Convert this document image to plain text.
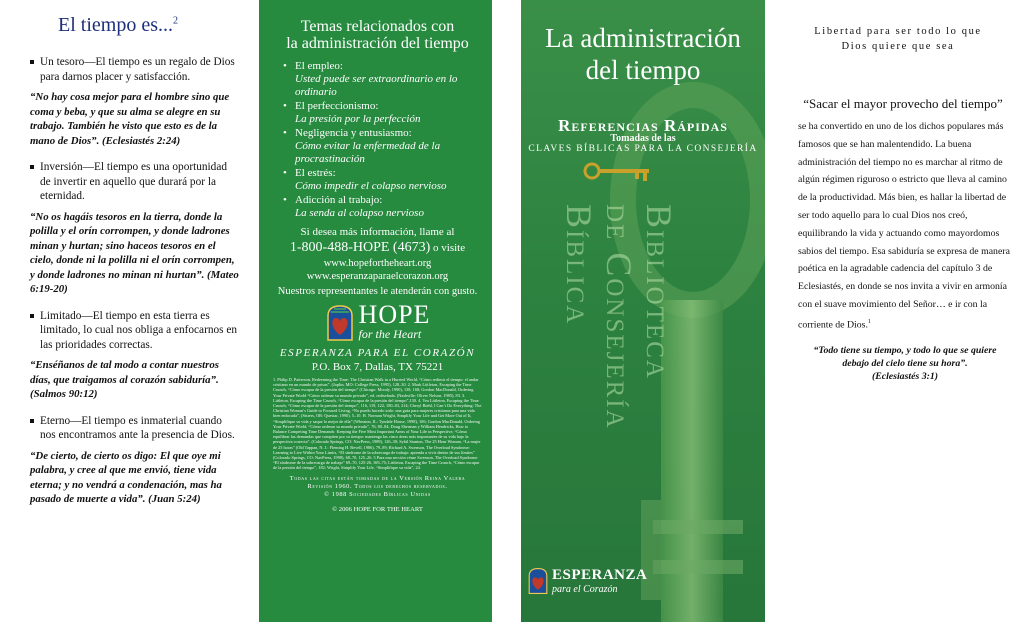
El tiempo es...$^2$
Un tesoro—El tiempo es un regalo de Dios para darnos placer y satisfacción.
“No hay cosa mejor para el hombre sino que coma y beba, y que su alma se alegre en su trabajo. También he visto que esto es de la mano de Dios”. (Eclesiastés 2:24)
Inversión—El tiempo es una oportunidad de invertir en aquello que durará por la eternidad.
“No os hagáis tesoros en la tierra, donde la polilla y el orín corrompen, y donde ladrones minan y hurtan; sino haceos tesoros en el cielo, donde ni la polilla ni el orín corrompen, y donde ladrones no minan ni hurtan”. (Mateo 6:19-20)
Limitado—El tiempo en esta tierra es limitado, lo cual nos obliga a enfocarnos en las prioridades correctas.
“Enséñanos de tal modo a contar nuestros días, que traigamos al corazón sabiduría”. (Salmos 90:12)
Eterno—El tiempo es inmaterial cuando nos encontramos ante la presencia de Dios.
“De cierto, de cierto os digo: El que oye mi palabra, y cree al que me envió, tiene vida eterna; y no vendrá a condenación, mas ha pasado de muerte a vida”. (Juan 5:24)
Temas relacionados con
la administración del tiempo
• El empleo:
Usted puede ser extraordinario en lo ordinario
• El perfeccionismo:
La presión por la perfección
• Negligencia y entusiasmo:
Cómo evitar la enfermedad de la procrastinación
• El estrés:
Cómo impedir el colapso nervioso
• Adicción al trabajo:
La senda al colapso nervioso
Si desea más información, llame al
1-800-488-HOPE (4673) o visite
www.hopefortheheart.org
www.esperanzaparaelcorazon.org
Nuestros representantes le atenderán con gusto.
HOPE
for the Heart
ESPERANZA PARA EL CORAZÓN
P.O. Box 7, Dallas, TX 75221
1. Philip D. Patterson, Redeeming the Time: The Christian Walk in a Hurried World, “Cómo redimir el tiempo: el andar cristiano en un mundo de prisas”. (Joplin, MO: College Press, 1995), 128–30. 2. Mark Littleton, Escaping the Time Crunch, “Cómo escapar de la presión del tiempo” (Chicago: Moody, 1990), 138, 168; Gordon MacDonald, Ordering Your Private World “Cómo ordenar su mundo privado”, ed. rediseñada. (Nashville: Oliver Nelson, 1985), 83. 3. Littleton, Escaping the Time Crunch, “Cómo escapar de la presión del tiempo”,130. 4. Vea Littleton, Escaping the Time Crunch, “Cómo escapar de la presión del tiempo”, 116, 119, 122, 180–83, 214; Cheryl Biehl, I Can’t Do Everything: The Christian Woman’s Guide to Focused Living, “No puedo hacerlo todo: una guía para mujeres cristianas para una vida bien enfocada”, (Sisters, OR: Questar, 1990). 5–10. H. Norman Wright, Simplify Your Life and Get More Out of It, “Simplifique su vida y saque lo mejor de ella” (Wheaton, IL: Tyndale House, 1998), 106; Gordon MacDonald, Ordering Your Private World, “Cómo ordenar su mundo privado”, 76, 80–84; Doug Sherman y William Hendricks, How to Balance Competing Time Demands: Keeping the Five Most Important Areas of Your Life in Perspective, “Cómo equilibrar las demandas que compiten por su tiempo: mantenga las cinco áreas más importantes de su vida bajo la perspectiva correcta”. (Colorado Springs, CO: NavPress, 1989), 126–30; Sybil Stanton, The 25 Hour Woman, “La mujer de 25 horas” (Old Tappan, N. J.: Fleming H. Revell, 1986), 79–89; Richard A. Swenson, The Overload Syndrome: Learning to Live Within Your Limits, “El síndrome de la sobrecarga de trabajo: aprenda a vivir dentro de sus límites” (Colorado Springs, CO: NavPress, 1998), 68–70, 125–26. 5 Para una sección véase Swenson, The Overload Syndrome “El síndrome de la sobrecarga de trabajo” 69–70, 125-26, 169–75; Littleton, Escaping the Time Crunch, “Cómo escapar de la presión del tiempo”, 182; Wright, Simplify Your Life, “Simplifique su vida”, 24.
Todas las citas están tomadas de la Versión Reina Valera
Revisión 1960. Todos los derechos reservados.
© 1988 Sociedades Bíblicas Unidas
© 2006 HOPE FOR THE HEART
La administración
del tiempo
Referencias Rápidas
Tomadas de las
CLAVES BÍBLICAS PARA LA CONSEJERÍA
Biblioteca
de Consejería
Bíblica
ESPERANZA
para el Corazón
Libertad para ser todo lo que
Dios quiere que sea
“Sacar el mayor provecho del tiempo”
se ha convertido en uno de los dichos populares más famosos que se han malentendido. La buena administración del tiempo no es marchar al ritmo de algún régimen riguroso o estricto que lleva al camino de la productividad. Más bien, es hallar la libertad de ser todo aquello para lo cual Dios nos creó, equilibrando la vida y actuando como mayordomos sabios del tiempo. Esa sabiduría se expresa de manera poética en la agradable cadencia del capítulo 3 de Eclesiastés, en donde se nos invita a vivir en armonía con el suave movimiento del Señor… e ir con la corriente de Dios.$^1$
“Todo tiene su tiempo, y todo lo que se quiere
debajo del cielo tiene su hora”.
(Eclesiastés 3:1)
